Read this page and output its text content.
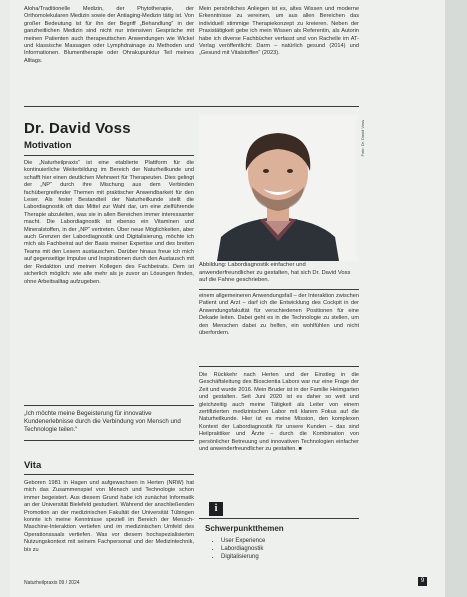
Aloha/Traditionelle Medizin, der Phytotherapie, der Orthomolekularen Medizin sowie der Antiaging-Medizin tätig ist. Von großer Bedeutung ist für ihn der Begriff „Behandlung“ in der ganzheitlichen Medizin sind nicht nur intensiven Gespräche mit meinen Patienten auch therapeutischen Anwendungen wie Wickel und klassische Massagen oder Lymphdrainage zu Methoden und Informationen. Blumentherapie oder Ohrakupunktur Teil meines Alltags.
Mein persönliches Anliegen ist es, altes Wissen und moderne Erkenntnisse zu vereinen, um aus allen Bereichen das individuell stimmige Therapiekonzept zu kreieren. Neben der Praxistätigkeit gebe ich mein Wissen als Referentin, als Autorin habe ich diverse Fachbücher verfasst und von Rachelle im AT-Verlag veröffentlicht: Darm – natürlich gesund (2014) und „Gesund mit Vitalstoffen“ (2023).
Dr. David Voss
Motivation
Die „Naturheilpraxis“ ist eine etablierte Plattform für die kontinuierliche Weiterbildung im Bereich der Naturheilkunde und schafft hier einen deutlichen Mehrwert für Therapeuten. Dies gelingt der „NP“ durch ihre Mischung aus dem Verbinden fachübergreifender Themen mit praktischer Anwendbarkeit für den Leser. Als fester Bestandteil der Naturheilkunde stellt die Labordiagnostik oft das Mittel zur Wahl dar, um eine zielführende Therapie abzuleiten, was sie in allen Bereichen immer interessanter macht. Die Labordiagnostik ist ebenso ein Vitaminen und Mineralstoffen, in der „NP“ vertreten. Über neue Möglichkeiten, aber auch Grenzen der Labordiagnostik und Digitalisierung, möchte ich mich als Fachbeirat auf der Basis meiner Expertise und des breiten Teams mit den Lesern austauschen. Darüber hinaus freue ich mich auf gegenseitige Impulse und Inspirationen durch den Austausch mit der Redaktion und meinen Kollegen des Fachbeirats. Dem ist sicherlich möglich: wie alle mehr als je zuvor an Lösungen finden, ohne Arbeitsalltag aufzugeben.
Foto: Dr. David Voss
Abbildung: Labordiagnostik einfacher und anwenderfreundlicher zu gestalten, hat sich Dr. David Voss auf die Fahne geschrieben.
einem allgemeineren Anwendungsfall – der Interaktion zwischen Patient und Arzt – darf ich die Entwicklung des Cockpit in der Anwendungsfakultät für verschiedenen Positionen für eine Dekade leiten. Dabei geht es in die Technologie zu stellen, um den Menschen dabei zu helfen, ein wohlfühlen und nicht überfordern.
„Ich möchte meine Begeisterung für innovative Kundenerlebnisse durch die Verbindung von Mensch und Technologie teilen.“
Vita
Geboren 1981 in Hagen und aufgewachsen in Herten (NRW) hat mich das Zusammenspiel von Mensch und Technologie schon immer begeistert. Aus diesem Grund habe ich zunächst Informatik an der Universität Bielefeld gestudiert. Während der anschließenden Promotion an der medizinischen Fakultät der Universität Tübingen konnte ich meine Kenntnisse speziell im Bereich der Mensch-Maschine-Interaktion vertiefen und im medizinischen Umfeld des Operationssaals vertiefen. Was vor diesem hochspezialisierten Nutzungskontext mit seinem Fachpersonal und der Medizintechnik, bis zu
Die Rückkehr nach Herten und der Einstieg in die Geschäftsleitung des Bioscientia Labors war nur eine Frage der Zeit und wurde 2016. Mein Bruder ist in der Familie Heimgarten und gestalten. Seit Juni 2020 ist es daher so weit und gleichzeitig auch meine Tätigkeit als Leiter von einem zertifizierten medizinischen Labor mit klarem Fokus auf die Naturheilkunde. Hier ist es meine Mission, den komplexen Kontext der Labordiagnostik für unsere Kunden – das sind Heilpraktiker und Ärzte – durch die Kombination von persönlicher Betreuung und innovativen Technologien einfacher und anwenderfreundlicher zu gestalten. ■
i
Schwerpunktthemen
• User Experience
• Labordiagnostik
• Digitalisierung
Naturheilpraxis 09 / 2024	9
